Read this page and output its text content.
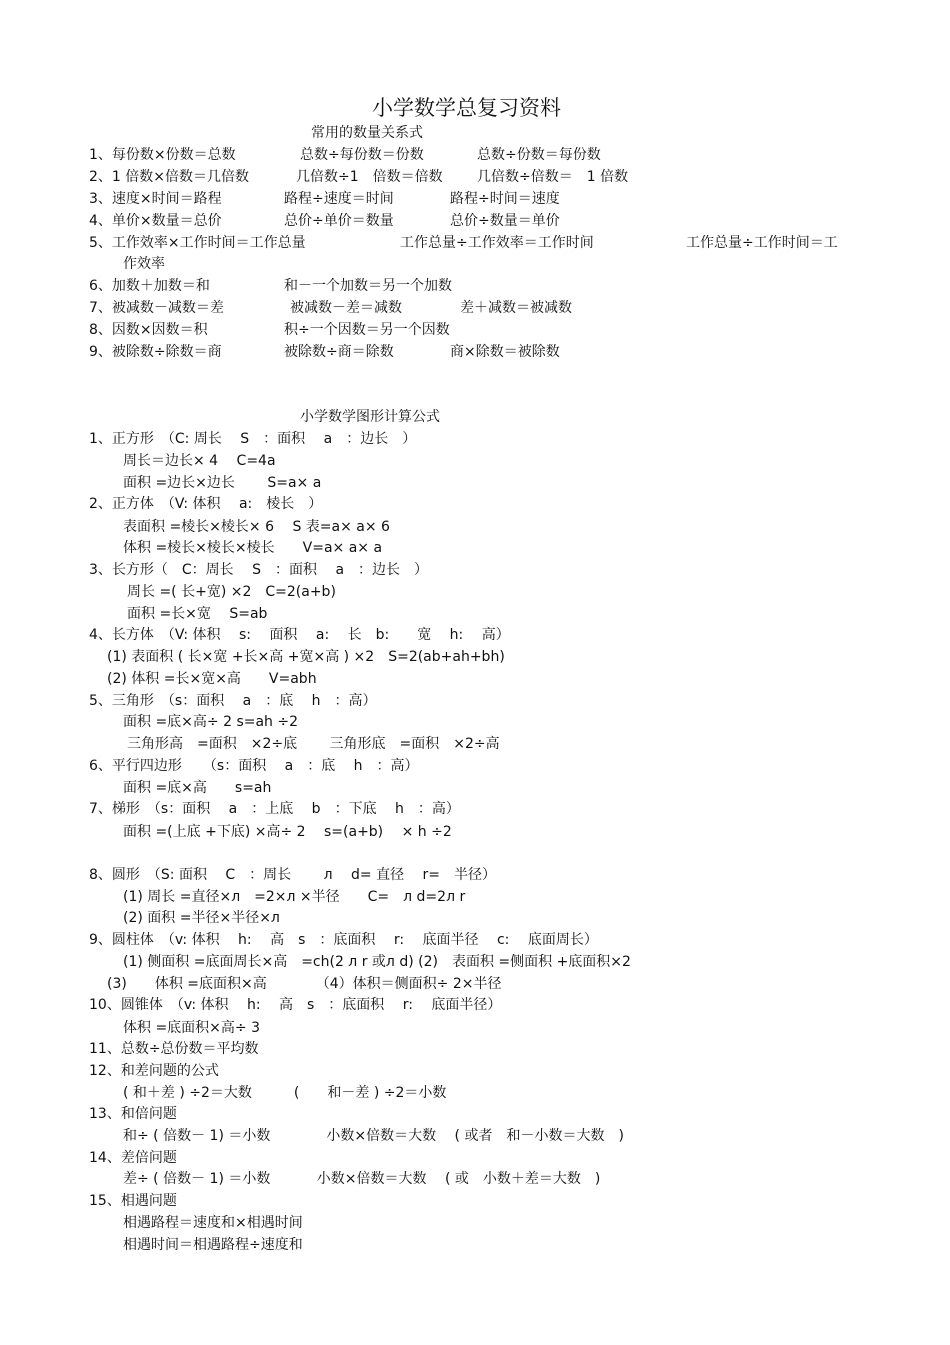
小学数学总复习资料
常用的数量关系式
1、每份数×份数＝总数	总数÷每份数＝份数	总数÷份数＝每份数
2、1 倍数×倍数＝几倍数	几倍数÷1　倍数＝倍数 几倍数÷倍数＝　1 倍数
3、速度×时间＝路程	路程÷速度＝时间	路程÷时间＝速度
4、单价×数量＝总价	总价÷单价＝数量	总价÷数量＝单价
5、工作效率×工作时间＝工作总量	工作总量÷工作效率＝工作时间	工作总量÷工作时间＝工
作效率
6、加数＋加数＝和	和－一个加数＝另一个加数
7、被减数－减数＝差	被减数－差＝减数	差＋减数＝被减数
8、因数×因数＝积	积÷一个因数＝另一个因数
9、被除数÷除数＝商	被除数÷商＝除数	商×除数＝被除数
小学数学图形计算公式
1、正方形　（C: 周长　 S　：面积　 a　：边长　）
周长＝边长× 4　 C=4a
面积 =边长×边长　　 S=a× a
2、正方体　（V: 体积　 a:　棱长　）
表面积 =棱长×棱长× 6　 S 表=a× a× 6
体积 =棱长×棱长×棱长　　V=a× a× a
3、长方形（　C：周长　 S　：面积　 a　：边长　）
周长 =( 长+宽) ×2　C=2(a+b)
面积 =长×宽　 S=ab
4、长方体　（V: 体积　 s:　 面积　 a:　 长　b:　　宽　 h:　 高）
(1) 表面积 ( 长×宽 +长×高 +宽×高 ) ×2　S=2(ab+ah+bh)
(2) 体积 =长×宽×高　　V=abh
5、三角形　（s：面积　 a　：底　 h　：高）
面积 =底×高÷ 2 s=ah ÷2
三角形高　=面积　×2÷底　　 三角形底　=面积　×2÷高
6、平行四边形　　（s：面积　 a　：底　 h　：高）
面积 =底×高　　s=ah
7、梯形　（s：面积　 a　：上底　 b　：下底　 h　：高）
面积 =(上底 +下底) ×高÷ 2　 s=(a+b)　 × h ÷2
8、圆形　（S: 面积　 C　：周长　　 л　 d= 直径　 r=　半径）
(1) 周长 =直径×л　=2×л ×半径　　C=　л d=2л r
(2) 面积 =半径×半径×л
9、圆柱体　（v: 体积　 h:　 高　s　：底面积　 r:　 底面半径　 c:　 底面周长）
(1) 侧面积 =底面周长×高　=ch(2 л r 或л d) (2)　表面积 =侧面积 +底面积×2
(3)　　体积 =底面积×高　　　　（4）体积＝侧面积÷ 2×半径
10、圆锥体　（v: 体积　 h:　 高　s　：底面积　 r:　 底面半径）
体积 =底面积×高÷ 3
11、总数÷总份数＝平均数
12、和差问题的公式
( 和＋差 ) ÷2＝大数　　　(　　和－差 ) ÷2＝小数
13、和倍问题
和÷ ( 倍数－ 1) ＝小数　　　　小数×倍数＝大数　 ( 或者　和－小数＝大数　)
14、差倍问题
差÷ ( 倍数－ 1) ＝小数　　　 小数×倍数＝大数　 ( 或　小数＋差＝大数　)
15、相遇问题
相遇路程＝速度和×相遇时间
相遇时间＝相遇路程÷速度和
